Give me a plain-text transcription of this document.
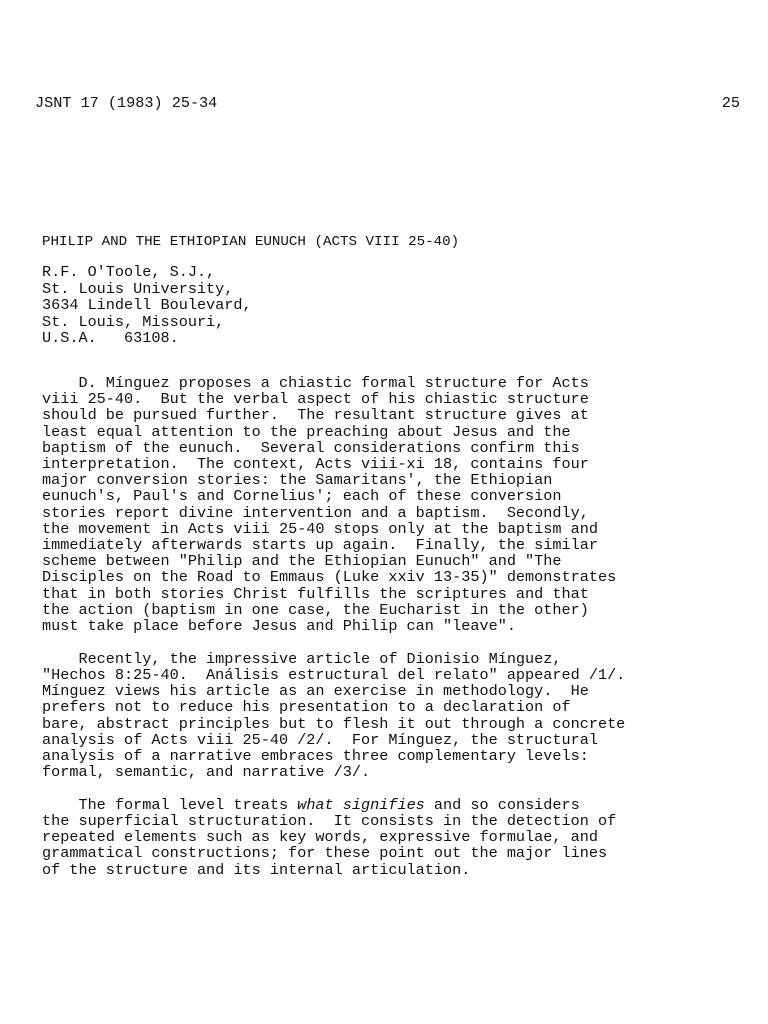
JSNT 17 (1983) 25-34	25
PHILIP AND THE ETHIOPIAN EUNUCH (ACTS VIII 25-40)
R.F. O'Toole, S.J.,
St. Louis University,
3634 Lindell Boulevard,
St. Louis, Missouri,
U.S.A.   63108.
D. Mínguez proposes a chiastic formal structure for Acts
viii 25-40.  But the verbal aspect of his chiastic structure
should be pursued further.  The resultant structure gives at
least equal attention to the preaching about Jesus and the
baptism of the eunuch.  Several considerations confirm this
interpretation.  The context, Acts viii-xi 18, contains four
major conversion stories: the Samaritans', the Ethiopian
eunuch's, Paul's and Cornelius'; each of these conversion
stories report divine intervention and a baptism.  Secondly,
the movement in Acts viii 25-40 stops only at the baptism and
immediately afterwards starts up again.  Finally, the similar
scheme between "Philip and the Ethiopian Eunuch" and "The
Disciples on the Road to Emmaus (Luke xxiv 13-35)" demonstrates
that in both stories Christ fulfills the scriptures and that
the action (baptism in one case, the Eucharist in the other)
must take place before Jesus and Philip can "leave".
Recently, the impressive article of Dionisio Mínguez,
"Hechos 8:25-40.  Análisis estructural del relato" appeared /1/.
Mínguez views his article as an exercise in methodology.  He
prefers not to reduce his presentation to a declaration of
bare, abstract principles but to flesh it out through a concrete
analysis of Acts viii 25-40 /2/.  For Mínguez, the structural
analysis of a narrative embraces three complementary levels:
formal, semantic, and narrative /3/.
The formal level treats what signifies and so considers
the superficial structuration.  It consists in the detection of
repeated elements such as key words, expressive formulae, and
grammatical constructions; for these point out the major lines
of the structure and its internal articulation.
